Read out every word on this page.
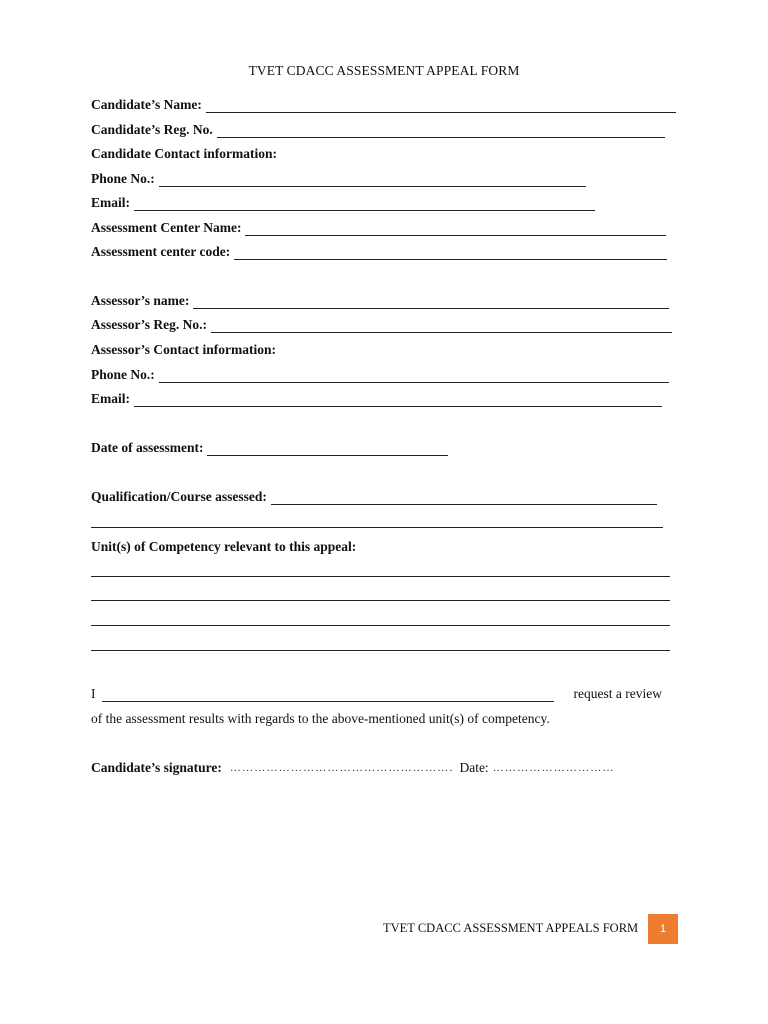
TVET CDACC ASSESSMENT APPEAL FORM
Candidate’s Name:
Candidate’s Reg. No.
Candidate Contact information:
Phone No.:
Email:
Assessment Center Name:
Assessment center code:
Assessor’s name:
Assessor’s Reg. No.:
Assessor’s Contact information:
Phone No.:
Email:
Date of assessment:
Qualification/Course assessed:
Unit(s) of Competency relevant to this appeal:
I	request a review
of the assessment results with regards to the above-mentioned unit(s) of competency.
Candidate’s signature: ………………………………………………. Date: …………………………
TVET CDACC ASSESSMENT APPEALS FORM	1
